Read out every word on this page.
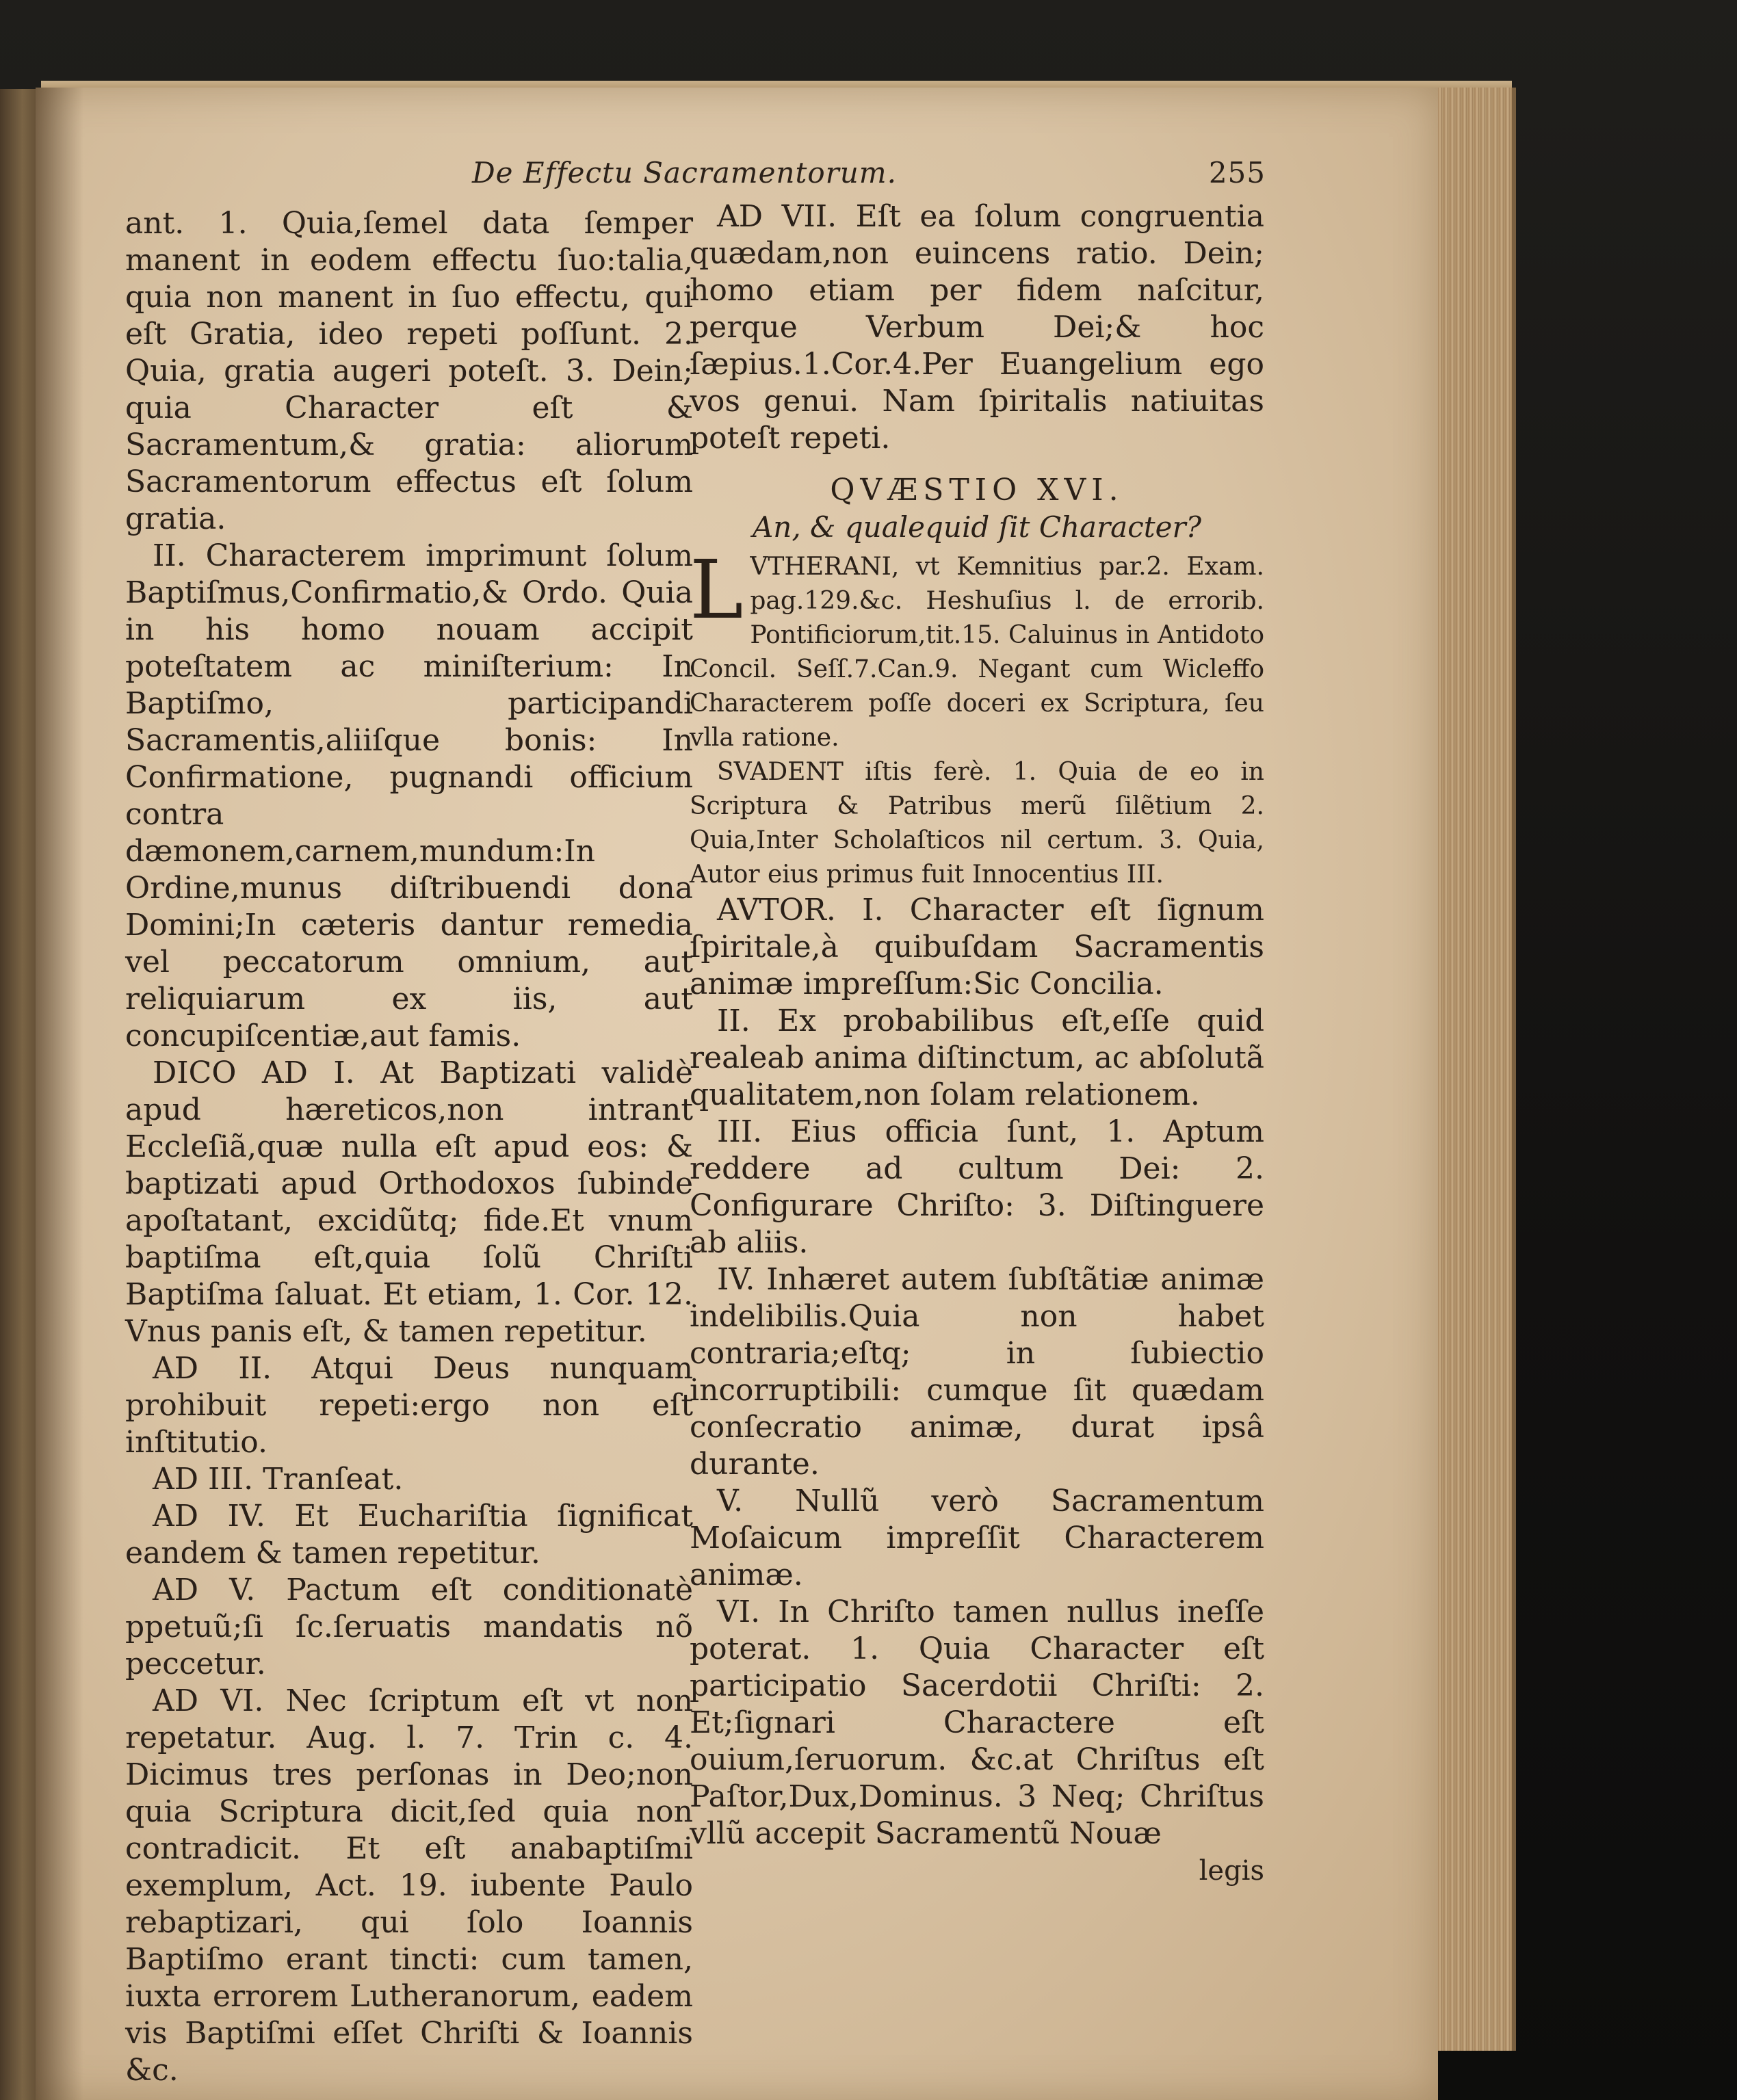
De Effectu Sacramentorum.	255

ant. 1. Quia,ſemel data ſemper manent in eodem effectu ſuo:talia, quia non manent in ſuo effectu, qui eſt Gratia, ideo repeti poſſunt. 2. Quia, gratia augeri poteſt. 3. Dein; quia Character eſt & Sacramentum,& gratia: aliorum Sacramentorum effectus eſt ſolum gratia.

II. Characterem imprimunt ſolum Baptiſmus,Confirmatio,& Ordo. Quia in his homo nouam accipit poteſtatem ac miniſterium: In Baptiſmo, participandi Sacramentis,aliiſque bonis: In Confirmatione, pugnandi officium contra dæmonem,carnem,mundum:In Ordine,munus diſtribuendi dona Domini;In cæteris dantur remedia vel peccatorum omnium, aut reliquiarum ex iis, aut concupiſcentiæ,aut famis.

DICO AD I. At Baptizati validè apud hæreticos,non intrant Eccleſiã,quæ nulla eſt apud eos: & baptizati apud Orthodoxos ſubinde apoſtatant, excidũtq; fide.Et vnum baptiſma eſt,quia ſolũ Chriſti Baptiſma ſaluat. Et etiam, 1. Cor. 12. Vnus panis eſt, & tamen repetitur.

AD II. Atqui Deus nunquam prohibuit repeti:ergo non eſt inſtitutio.

AD III. Tranſeat.

AD IV. Et Euchariſtia ſignificat eandem & tamen repetitur.

AD V. Pactum eſt conditionatè ppetuũ;ſi ſc.ſeruatis mandatis nõ peccetur.

AD VI. Nec ſcriptum eſt vt non repetatur. Aug. l. 7. Trin c. 4. Dicimus tres perſonas in Deo;non quia Scriptura dicit,ſed quia non contradicit. Et eſt anabaptiſmi exemplum, Act. 19. iubente Paulo rebaptizari, qui ſolo Ioannis Baptiſmo erant tincti: cum tamen, iuxta errorem Lutheranorum, eadem vis Baptiſmi eſſet Chriſti & Ioannis &c.

AD VII. Eſt ea ſolum congruentia quædam,non euincens ratio. Dein; homo etiam per fidem naſcitur, perque Verbum Dei;& hoc ſæpius.1.Cor.4.Per Euangelium ego vos genui. Nam ſpiritalis natiuitas poteſt repeti.

QVÆSTIO XVI.
An, & qualequid ſit Character?

LVTHERANI, vt Kemnitius par.2. Exam. pag.129.&c. Heshuſius l. de errorib. Pontificiorum,tit.15. Caluinus in Antidoto Concil. Seſſ.7.Can.9. Negant cum Wicleffo Characterem poſſe doceri ex Scriptura, ſeu vlla ratione.

SVADENT iſtis ferè. 1. Quia de eo in Scriptura & Patribus merũ ſilẽtium 2. Quia,Inter Scholaſticos nil certum. 3. Quia, Autor eius primus fuit Innocentius III.

AVTOR. I. Character eſt ſignum ſpiritale,à quibuſdam Sacramentis animæ impreſſum:Sic Concilia.

II. Ex probabilibus eſt,eſſe quid realeab anima diſtinctum, ac abſolutã qualitatem,non ſolam relationem.

III. Eius officia ſunt, 1. Aptum reddere ad cultum Dei: 2. Configurare Chriſto: 3. Diſtinguere ab aliis.

IV. Inhæret autem ſubſtãtiæ animæ indelibilis.Quia non habet contraria;eſtq; in ſubiectio incorruptibili: cumque ſit quædam conſecratio animæ, durat ipsâ durante.

V. Nullũ verò Sacramentum Moſaicum impreſſit Characterem animæ.

VI. In Chriſto tamen nullus ineſſe poterat. 1. Quia Character eſt participatio Sacerdotii Chriſti: 2. Et;ſignari Charactere eſt ouium,ſeruorum. &c.at Chriſtus eſt Paſtor,Dux,Dominus. 3 Neq; Chriſtus vllũ accepit Sacramentũ Nouæ

legis
